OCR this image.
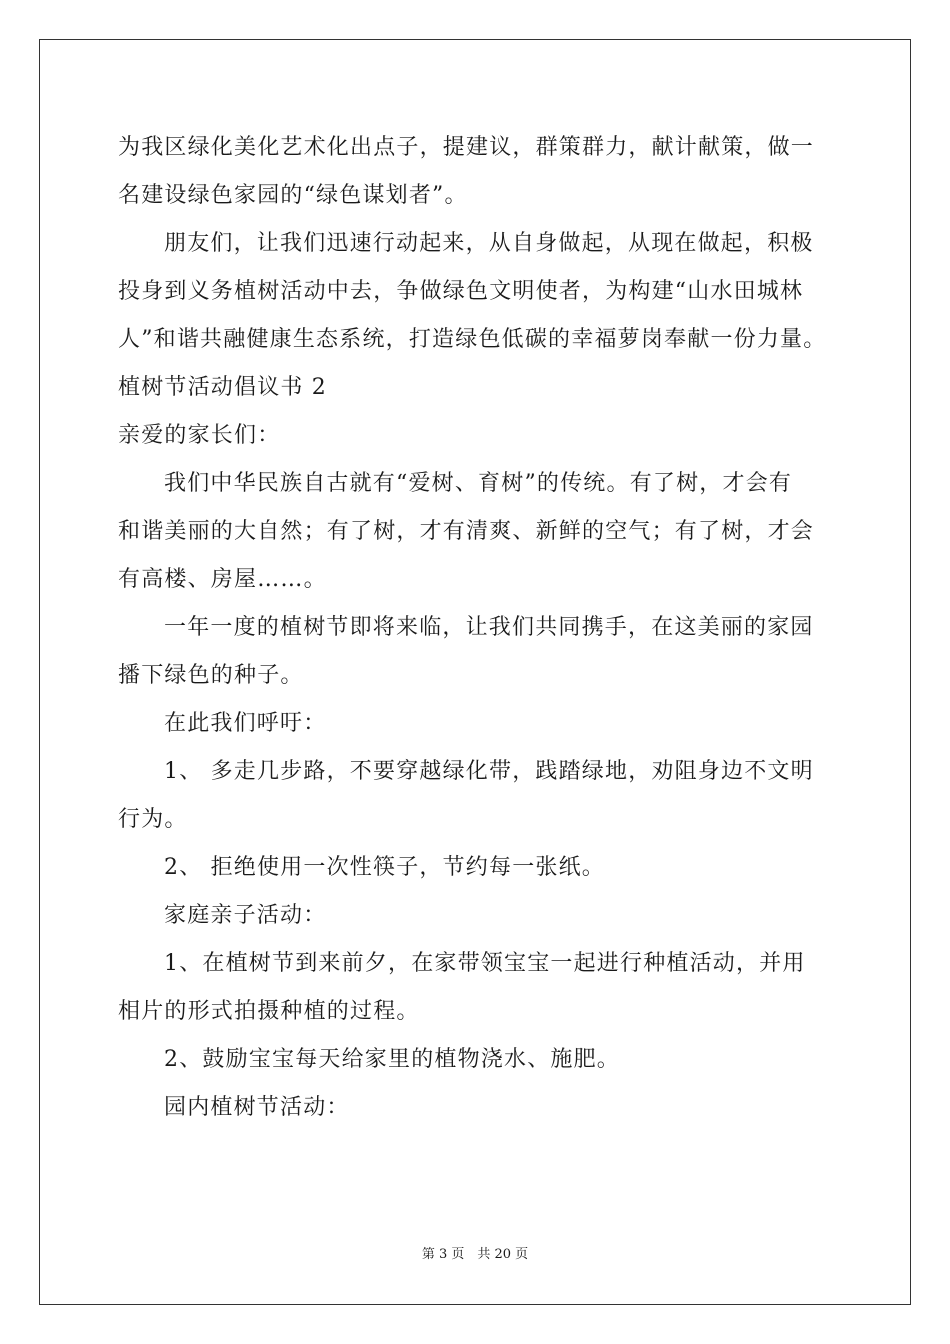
为我区绿化美化艺术化出点子，提建议，群策群力，献计献策，做一
名建设绿色家园的“绿色谋划者”。
朋友们，让我们迅速行动起来，从自身做起，从现在做起，积极
投身到义务植树活动中去，争做绿色文明使者，为构建“山水田城林
人”和谐共融健康生态系统，打造绿色低碳的幸福萝岗奉献一份力量。
植树节活动倡议书 2
亲爱的家长们：
我们中华民族自古就有“爱树、育树”的传统。有了树，才会有
和谐美丽的大自然；有了树，才有清爽、新鲜的空气；有了树，才会
有高楼、房屋……。
一年一度的植树节即将来临，让我们共同携手，在这美丽的家园
播下绿色的种子。
在此我们呼吁：
1、 多走几步路，不要穿越绿化带，践踏绿地，劝阻身边不文明
行为。
2、 拒绝使用一次性筷子，节约每一张纸。
家庭亲子活动：
1、在植树节到来前夕，在家带领宝宝一起进行种植活动，并用
相片的形式拍摄种植的过程。
2、鼓励宝宝每天给家里的植物浇水、施肥。
园内植树节活动：
第 3 页　共 20 页
